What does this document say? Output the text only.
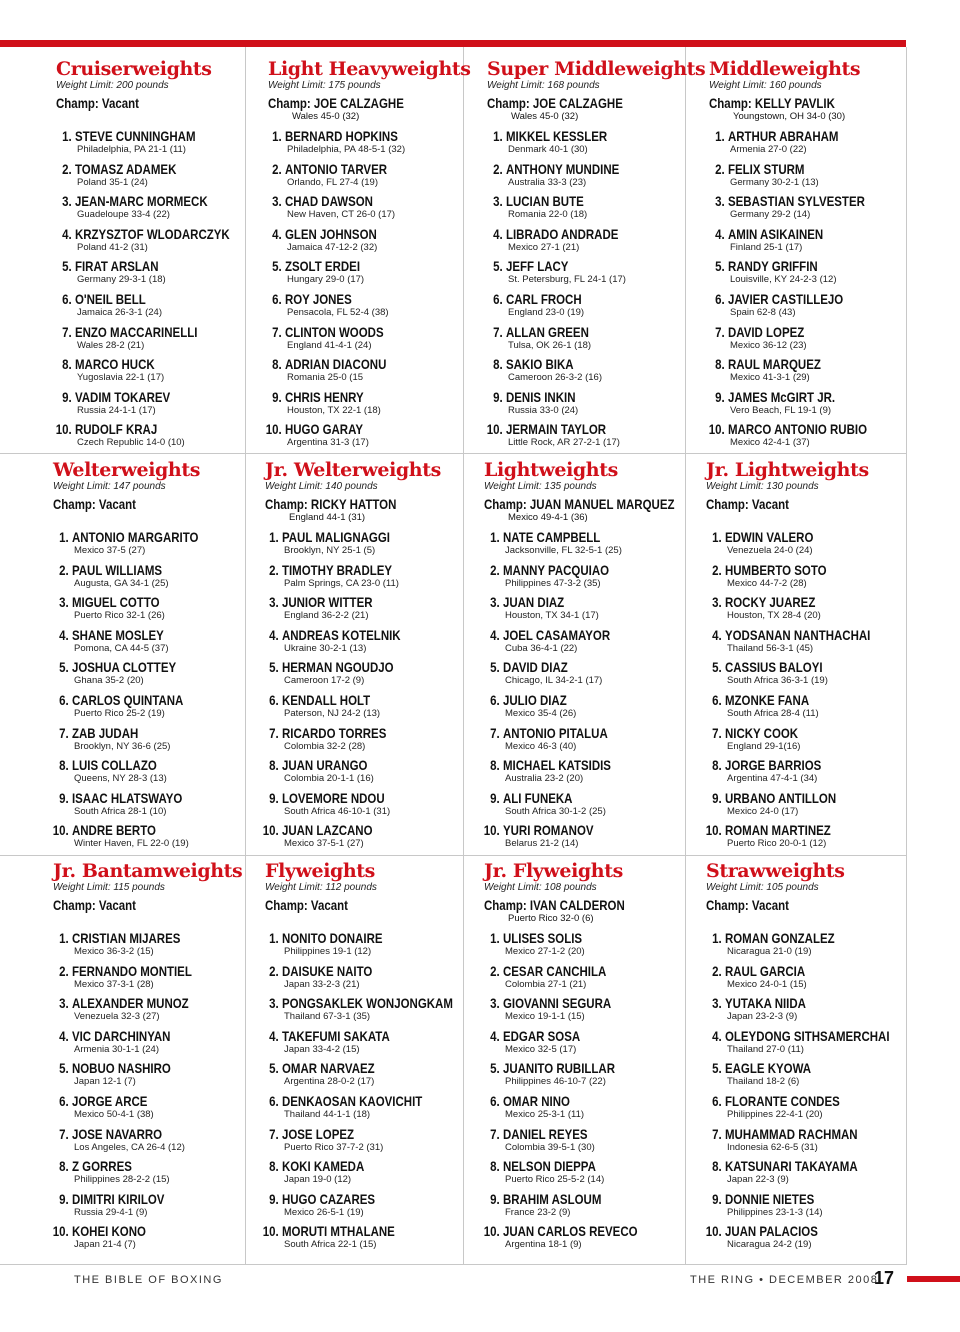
Cruiserweights
Weight Limit: 200 pounds
Champ: Vacant
1. STEVE CUNNINGHAM
Philadelphia, PA 21-1 (11)
2. TOMASZ ADAMEK
Poland 35-1 (24)
3. JEAN-MARC MORMECK
Guadeloupe 33-4 (22)
4. KRZYSZTOF WLODARCZYK
Poland 41-2 (31)
5. FIRAT ARSLAN
Germany 29-3-1 (18)
6. O'NEIL BELL
Jamaica 26-3-1 (24)
7. ENZO MACCARINELLI
Wales 28-2 (21)
8. MARCO HUCK
Yugoslavia 22-1 (17)
9. VADIM TOKAREV
Russia 24-1-1 (17)
10. RUDOLF KRAJ
Czech Republic 14-0 (10)
Light Heavyweights
Weight Limit: 175 pounds
Champ: JOE CALZAGHE
Wales 45-0 (32)
1. BERNARD HOPKINS
Philadelphia, PA 48-5-1 (32)
2. ANTONIO TARVER
Orlando, FL 27-4 (19)
3. CHAD DAWSON
New Haven, CT 26-0 (17)
4. GLEN JOHNSON
Jamaica 47-12-2 (32)
5. ZSOLT ERDEI
Hungary 29-0 (17)
6. ROY JONES
Pensacola, FL 52-4 (38)
7. CLINTON WOODS
England 41-4-1 (24)
8. ADRIAN DIACONU
Romania 25-0 (15
9. CHRIS HENRY
Houston, TX 22-1 (18)
10. HUGO GARAY
Argentina 31-3 (17)
Super Middleweights
Weight Limit: 168 pounds
Champ: JOE CALZAGHE
Wales 45-0 (32)
1. MIKKEL KESSLER
Denmark 40-1 (30)
2. ANTHONY MUNDINE
Australia 33-3 (23)
3. LUCIAN BUTE
Romania 22-0 (18)
4. LIBRADO ANDRADE
Mexico 27-1 (21)
5. JEFF LACY
St. Petersburg, FL 24-1 (17)
6. CARL FROCH
England 23-0 (19)
7. ALLAN GREEN
Tulsa, OK 26-1 (18)
8. SAKIO BIKA
Cameroon 26-3-2 (16)
9. DENIS INKIN
Russia 33-0 (24)
10. JERMAIN TAYLOR
Little Rock, AR 27-2-1 (17)
Middleweights
Weight Limit: 160 pounds
Champ: KELLY PAVLIK
Youngstown, OH 34-0 (30)
1. ARTHUR ABRAHAM
Armenia 27-0 (22)
2. FELIX STURM
Germany 30-2-1 (13)
3. SEBASTIAN SYLVESTER
Germany 29-2 (14)
4. AMIN ASIKAINEN
Finland 25-1 (17)
5. RANDY GRIFFIN
Louisville, KY 24-2-3 (12)
6. JAVIER CASTILLEJO
Spain 62-8 (43)
7. DAVID LOPEZ
Mexico 36-12 (23)
8. RAUL MARQUEZ
Mexico 41-3-1 (29)
9. JAMES McGIRT JR.
Vero Beach, FL 19-1 (9)
10. MARCO ANTONIO RUBIO
Mexico 42-4-1 (37)
Welterweights
Weight Limit: 147 pounds
Champ: Vacant
1. ANTONIO MARGARITO
Mexico 37-5 (27)
2. PAUL WILLIAMS
Augusta, GA 34-1 (25)
3. MIGUEL COTTO
Puerto Rico 32-1 (26)
4. SHANE MOSLEY
Pomona, CA 44-5 (37)
5. JOSHUA CLOTTEY
Ghana 35-2 (20)
6. CARLOS QUINTANA
Puerto Rico 25-2 (19)
7. ZAB JUDAH
Brooklyn, NY 36-6 (25)
8. LUIS COLLAZO
Queens, NY 28-3 (13)
9. ISAAC HLATSWAYO
South Africa 28-1 (10)
10. ANDRE BERTO
Winter Haven, FL 22-0 (19)
Jr. Welterweights
Weight Limit: 140 pounds
Champ: RICKY HATTON
England 44-1 (31)
1. PAUL MALIGNAGGI
Brooklyn, NY 25-1 (5)
2. TIMOTHY BRADLEY
Palm Springs, CA 23-0 (11)
3. JUNIOR WITTER
England 36-2-2 (21)
4. ANDREAS KOTELNIK
Ukraine 30-2-1 (13)
5. HERMAN NGOUDJO
Cameroon 17-2 (9)
6. KENDALL HOLT
Paterson, NJ 24-2 (13)
7. RICARDO TORRES
Colombia 32-2 (28)
8. JUAN URANGO
Colombia 20-1-1 (16)
9. LOVEMORE NDOU
South Africa 46-10-1 (31)
10. JUAN LAZCANO
Mexico 37-5-1 (27)
Lightweights
Weight Limit: 135 pounds
Champ: JUAN MANUEL MARQUEZ
Mexico 49-4-1 (36)
1. NATE CAMPBELL
Jacksonville, FL 32-5-1 (25)
2. MANNY PACQUIAO
Philippines 47-3-2 (35)
3. JUAN DIAZ
Houston, TX 34-1 (17)
4. JOEL CASAMAYOR
Cuba 36-4-1 (22)
5. DAVID DIAZ
Chicago, IL 34-2-1 (17)
6. JULIO DIAZ
Mexico 35-4 (26)
7. ANTONIO PITALUA
Mexico 46-3 (40)
8. MICHAEL KATSIDIS
Australia 23-2 (20)
9. ALI FUNEKA
South Africa 30-1-2 (25)
10. YURI ROMANOV
Belarus 21-2 (14)
Jr. Lightweights
Weight Limit: 130 pounds
Champ: Vacant
1. EDWIN VALERO
Venezuela 24-0 (24)
2. HUMBERTO SOTO
Mexico 44-7-2 (28)
3. ROCKY JUAREZ
Houston, TX 28-4 (20)
4. YODSANAN NANTHACHAI
Thailand 56-3-1 (45)
5. CASSIUS BALOYI
South Africa 36-3-1 (19)
6. MZONKE FANA
South Africa 28-4 (11)
7. NICKY COOK
England 29-1(16)
8. JORGE BARRIOS
Argentina 47-4-1 (34)
9. URBANO ANTILLON
Mexico 24-0 (17)
10. ROMAN MARTINEZ
Puerto Rico 20-0-1 (12)
Jr. Bantamweights
Weight Limit: 115 pounds
Champ: Vacant
1. CRISTIAN MIJARES
Mexico 36-3-2 (15)
2. FERNANDO MONTIEL
Mexico 37-3-1 (28)
3. ALEXANDER MUNOZ
Venezuela 32-3 (27)
4. VIC DARCHINYAN
Armenia 30-1-1 (24)
5. NOBUO NASHIRO
Japan 12-1 (7)
6. JORGE ARCE
Mexico 50-4-1 (38)
7. JOSE NAVARRO
Los Angeles, CA 26-4 (12)
8. Z GORRES
Philippines 28-2-2 (15)
9. DIMITRI KIRILOV
Russia 29-4-1 (9)
10. KOHEI KONO
Japan 21-4 (7)
Flyweights
Weight Limit: 112 pounds
Champ: Vacant
1. NONITO DONAIRE
Philippines 19-1 (12)
2. DAISUKE NAITO
Japan 33-2-3 (21)
3. PONGSAKLEK WONJONGKAM
Thailand 67-3-1 (35)
4. TAKEFUMI SAKATA
Japan 33-4-2 (15)
5. OMAR NARVAEZ
Argentina 28-0-2 (17)
6. DENKAOSAN KAOVICHIT
Thailand 44-1-1 (18)
7. JOSE LOPEZ
Puerto Rico 37-7-2 (31)
8. KOKI KAMEDA
Japan 19-0 (12)
9. HUGO CAZARES
Mexico 26-5-1 (19)
10. MORUTI MTHALANE
South Africa 22-1 (15)
Jr. Flyweights
Weight Limit: 108 pounds
Champ: IVAN CALDERON
Puerto Rico 32-0 (6)
1. ULISES SOLIS
Mexico 27-1-2 (20)
2. CESAR CANCHILA
Colombia 27-1 (21)
3. GIOVANNI SEGURA
Mexico 19-1-1 (15)
4. EDGAR SOSA
Mexico 32-5 (17)
5. JUANITO RUBILLAR
Philippines 46-10-7 (22)
6. OMAR NINO
Mexico 25-3-1 (11)
7. DANIEL REYES
Colombia 39-5-1 (30)
8. NELSON DIEPPA
Puerto Rico 25-5-2 (14)
9. BRAHIM ASLOUM
France 23-2 (9)
10. JUAN CARLOS REVECO
Argentina 18-1 (9)
Strawweights
Weight Limit: 105 pounds
Champ: Vacant
1. ROMAN GONZALEZ
Nicaragua 21-0 (19)
2. RAUL GARCIA
Mexico 24-0-1 (15)
3. YUTAKA NIIDA
Japan 23-2-3 (9)
4. OLEYDONG SITHSAMERCHAI
Thailand 27-0 (11)
5. EAGLE KYOWA
Thailand 18-2 (6)
6. FLORANTE CONDES
Philippines 22-4-1 (20)
7. MUHAMMAD RACHMAN
Indonesia 62-6-5 (31)
8. KATSUNARI TAKAYAMA
Japan 22-3 (9)
9. DONNIE NIETES
Philippines 23-1-3 (14)
10. JUAN PALACIOS
Nicaragua 24-2 (19)
THE BIBLE OF BOXING	THE RING • DECEMBER 2008
17
